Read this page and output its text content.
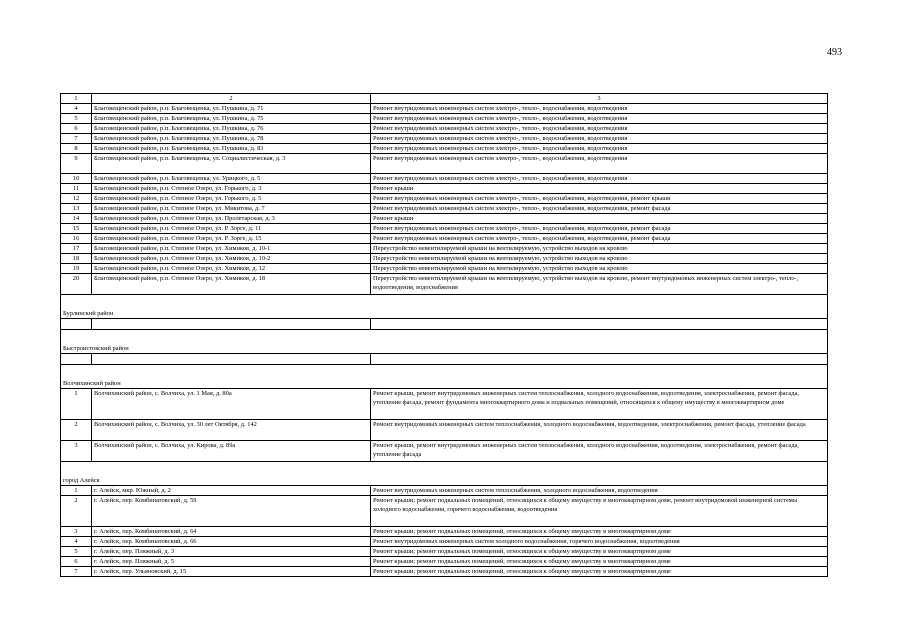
493
1	2	3
4	Благовещенский район, р.п. Благовещенка, ул. Пушкина, д. 71	Ремонт внутридомовых инженерных систем электро-, тепло-, водоснабжения, водоотведения
5	Благовещенский район, р.п. Благовещенка, ул. Пушкина, д. 75	Ремонт внутридомовых инженерных систем электро-, тепло-, водоснабжения, водоотведения
6	Благовещенский район, р.п. Благовещенка, ул. Пушкина, д. 76	Ремонт внутридомовых инженерных систем электро-, тепло-, водоснабжения, водоотведения
7	Благовещенский район, р.п. Благовещенка, ул. Пушкина, д. 78	Ремонт внутридомовых инженерных систем электро-, тепло-, водоснабжения, водоотведения
8	Благовещенский район, р.п. Благовещенка, ул. Пушкина, д. 83	Ремонт внутридомовых инженерных систем электро-, тепло-, водоснабжения, водоотведения
9	Благовещенский район, р.п. Благовещенка, ул. Социалистическая, д. 3	Ремонт внутридомовых инженерных систем электро-, тепло-, водоснабжения, водоотведения
10	Благовещенский район, р.п. Благовещенка, ул. Урицкого, д. 5	Ремонт внутридомовых инженерных систем электро-, тепло-, водоснабжения, водоотведения
11	Благовещенский район, р.п. Степное Озеро, ул. Горького, д. 3	Ремонт крыши
12	Благовещенский район, р.п. Степное Озеро, ул. Горького, д. 5	Ремонт внутридомовых инженерных систем электро-, тепло-, водоснабжения, водоотведения, ремонт крыши
13	Благовещенский район, р.п. Степное Озеро, ул. Микитова, д. 7	Ремонт внутридомовых инженерных систем электро-, тепло-, водоснабжения, водоотведения, ремонт фасада
14	Благовещенский район, р.п. Степное Озеро, ул. Пролетарская, д. 3	Ремонт крыши
15	Благовещенский район, р.п. Степное Озеро, ул. Р. Зорге, д. 11	Ремонт внутридомовых инженерных систем электро-, тепло-, водоснабжения, водоотведения, ремонт фасада
16	Благовещенский район, р.п. Степное Озеро, ул. Р. Зорге, д. 15	Ремонт внутридомовых инженерных систем электро-, тепло-, водоснабжения, водоотведения, ремонт фасада
17	Благовещенский район, р.п. Степное Озеро, ул. Химиков, д. 10-1	Переустройство невентилируемой крыши на вентилируемую, устройство выходов на кровлю
18	Благовещенский район, р.п. Степное Озеро, ул. Химиков, д. 10-2	Переустройство невентилируемой крыши на вентилируемую, устройство выходов на кровлю
19	Благовещенский район, р.п. Степное Озеро, ул. Химиков, д. 12	Переустройство невентилируемой крыши на вентилируемую, устройство выходов на кровлю
20	Благовещенский район, р.п. Степное Озеро, ул. Химиков, д. 18	Переустройство невентилируемой крыши на вентилируемую, устройство выходов на кровлю, ремонт внутридомовых инженерных систем электро-, тепло-, водоотведения, водоснабжения
Бурлинский район		

Быстроистокский район		

Волчихинский район		
1	Волчихинский район, с. Волчиха, ул. 1 Мая, д. 80а	Ремонт крыши, ремонт внутридомовых инженерных систем теплоснабжения, холодного водоснабжения, водоотведения, электроснабжения, ремонт фасада, утепление фасада, ремонт фундамента многоквартирного дома и подвальных помещений, относящихся к общему имуществу в многоквартирном доме
2	Волчихинский район, с. Волчиха, ул. 30 лет Октября, д. 142	Ремонт внутридомовых инженерных систем теплоснабжения, холодного водоснабжения, водоотведения, электроснабжения, ремонт фасада, утепление фасада
3	Волчихинский район, с. Волчиха, ул. Кирова, д. 89а	Ремонт крыши, ремонт внутридомовых инженерных систем теплоснабжения, холодного водоснабжения, водоотведения, электроснабжения, ремонт фасада, утепление фасада
город Алейск		
1	г. Алейск, мкр. Южный, д. 2	Ремонт внутридомовых инженерных систем теплоснабжения, холодного водоснабжения, водоотведения
2	г. Алейск, пер. Комбинатовский, д. 59	Ремонт крыши; ремонт подвальных помещений, относящихся к общему имуществу в многоквартирном доме, ремонт внутридомовой инженерной системы холодного водоснабжения, горячего водоснабжения, водоотведения
3	г. Алейск, пер. Комбинатовский, д. 64	Ремонт крыши; ремонт подвальных помещений, относящихся к общему имуществу в многоквартирном доме
4	г. Алейск, пер. Комбинатовский, д. 66	Ремонт внутридомовых инженерных систем холодного водоснабжения, горячего водоснабжения, водоотведения
5	г. Алейск, пер. Пляжный, д. 3	Ремонт крыши; ремонт подвальных помещений, относящихся к общему имуществу в многоквартирном доме
6	г. Алейск, пер. Пляжный, д. 5	Ремонт крыши; ремонт подвальных помещений, относящихся к общему имуществу в многоквартирном доме
7	г. Алейск, пер. Ульяновский, д. 15	Ремонт крыши; ремонт подвальных помещений, относящихся к общему имуществу в многоквартирном доме
